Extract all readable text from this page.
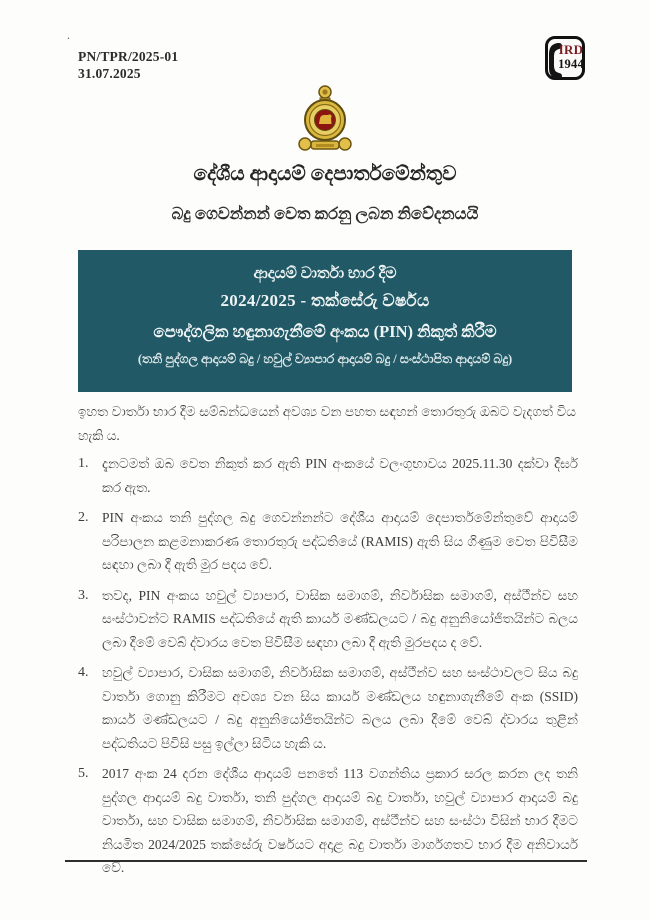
.
PN/TPR/2025-01
31.07.2025
IRD
1944
දේශීය ආදායම් දෙපාර්තමේන්තුව
බදු ගෙවන්නන් වෙත කරනු ලබන නිවේදනයයි
ආදායම් වාර්තා භාර දීම
2024/2025 - තක්සේරු වර්ෂය
පෞද්ගලික හඳුනාගැනීමේ අංකය (PIN) නිකුත් කිරීම
(තනි පුද්ගල ආදායම් බදු / හවුල් ව්‍යාපාර ආදායම් බදු / සංස්ථාපිත ආදායම් බදු)
ඉහත වාර්තා භාර දීම සම්බන්ධයෙන් අවශ්‍ය වන පහත සඳහන් තොරතුරු ඔබට වැදගත් විය හැකි ය.
1.	දැනටමත් ඔබ වෙත නිකුත් කර ඇති PIN අංකයේ වලංගුභාවය 2025.11.30 දක්වා දීර්ඝ කර ඇත.
2.	PIN අංකය තනි පුද්ගල බදු ගෙවන්නන්ට දේශීය ආදායම් දෙපාර්තමේන්තුවේ ආදායම් පරිපාලන කළමනාකරණ තොරතුරු පද්ධතියේ (RAMIS) ඇති සිය ගිණුම වෙත පිවිසීම සඳහා ලබා දී ඇති මුර පදය වේ.
3.	තවද, PIN අංකය හවුල් ව්‍යාපාර, වාසික සමාගම්, නිර්වාසික සමාගම්, අස්ථීන්ව සහ සංස්ථාවන්ට RAMIS පද්ධතියේ ඇති කාර්ය මණ්ඩලයට / බදු අනුනියෝජිතයින්ට බලය ලබා දීමේ වෙබ් ද්වාරය වෙත පිවිසීම සඳහා ලබා දී ඇති මුරපදය ද වේ.
4.	හවුල් ව්‍යාපාර, වාසික සමාගම්, නිර්වාසික සමාගම්, අස්ථීන්ව සහ සංස්ථාවලට සිය බදු වාර්තා ගොනු කිරීමට අවශ්‍ය වන සිය කාර්ය මණ්ඩලය හඳුනාගැනීමේ අංක (SSID) කාර්ය මණ්ඩලයට / බදු අනුනියෝජිතයින්ට බලය ලබා දීමේ වෙබ් ද්වාරය තුළින් පද්ධතියට පිවිසි පසු ඉල්ලා සිටිය හැකි ය.
5.	2017 අංක 24 දරන දේශීය ආදායම් පනතේ 113 වගන්තිය ප්‍රකාර සරල කරන ලද තනි පුද්ගල ආදායම් බදු වාර්තා, තනි පුද්ගල ආදායම් බදු වාර්තා, හවුල් ව්‍යාපාර ආදායම් බදු වාර්තා, සහ වාසික සමාගම්, නිර්වාසික සමාගම්, අස්ථීන්ව සහ සංස්ථා විසින් භාර දීමට නියමිත 2024/2025 තක්සේරු වර්ෂයට අදාළ බදු වාර්තා මාර්ගගතව භාර දීම අනිවාර්ය වේ.
